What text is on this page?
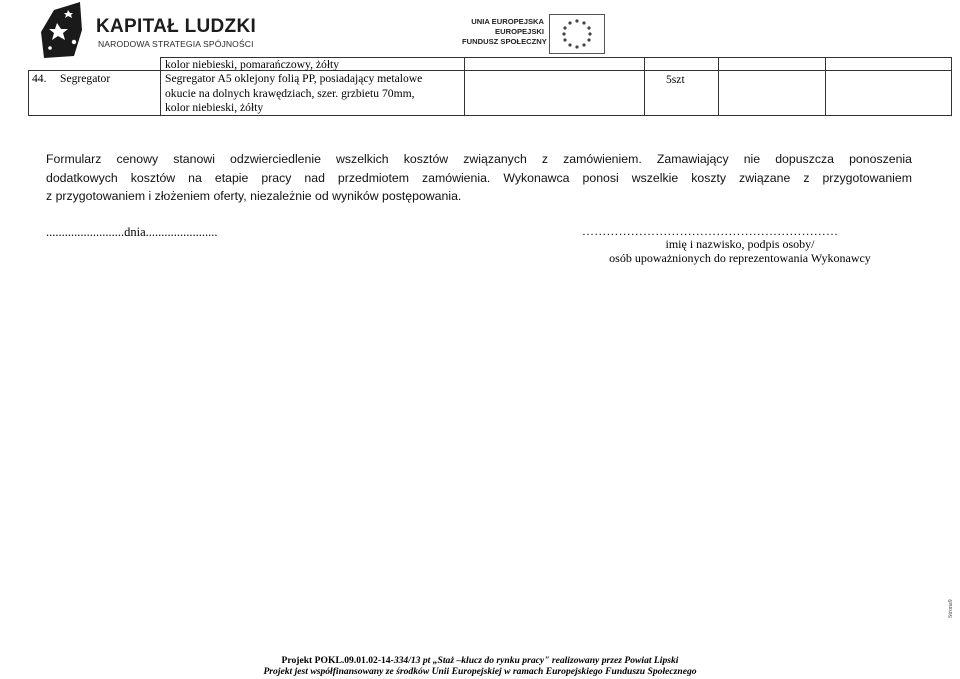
KAPITAŁ LUDZKI
NARODOWA STRATEGIA SPÓJNOŚCI
UNIA EUROPEJSKA
EUROPEJSKI
FUNDUSZ SPOŁECZNY
kolor niebieski, pomarańczowy, żółty
44. Segregator	Segregator A5 oklejony folią PP, posiadający metalowe
okucie na dolnych krawędziach, szer. grzbietu 70mm,
kolor niebieski, żółty
5szt
Formularz cenowy stanowi odzwierciedlenie wszelkich kosztów związanych z zamówieniem. Zamawiający nie dopuszcza ponoszenia
dodatkowych kosztów na etapie pracy nad przedmiotem zamówienia. Wykonawca ponosi wszelkie koszty związane z przygotowaniem
z przygotowaniem i złożeniem oferty, niezależnie od wyników postępowania.
.........................dnia.......................	………………………………………………………
imię i nazwisko, podpis osoby/
osób upoważnionych do reprezentowania Wykonawcy
Strona9
Projekt POKL.09.01.02-14-334/13 pt „Staż –klucz do rynku pracy" realizowany przez Powiat Lipski
Projekt jest współfinansowany ze środków Unii Europejskiej w ramach Europejskiego Funduszu Społecznego
